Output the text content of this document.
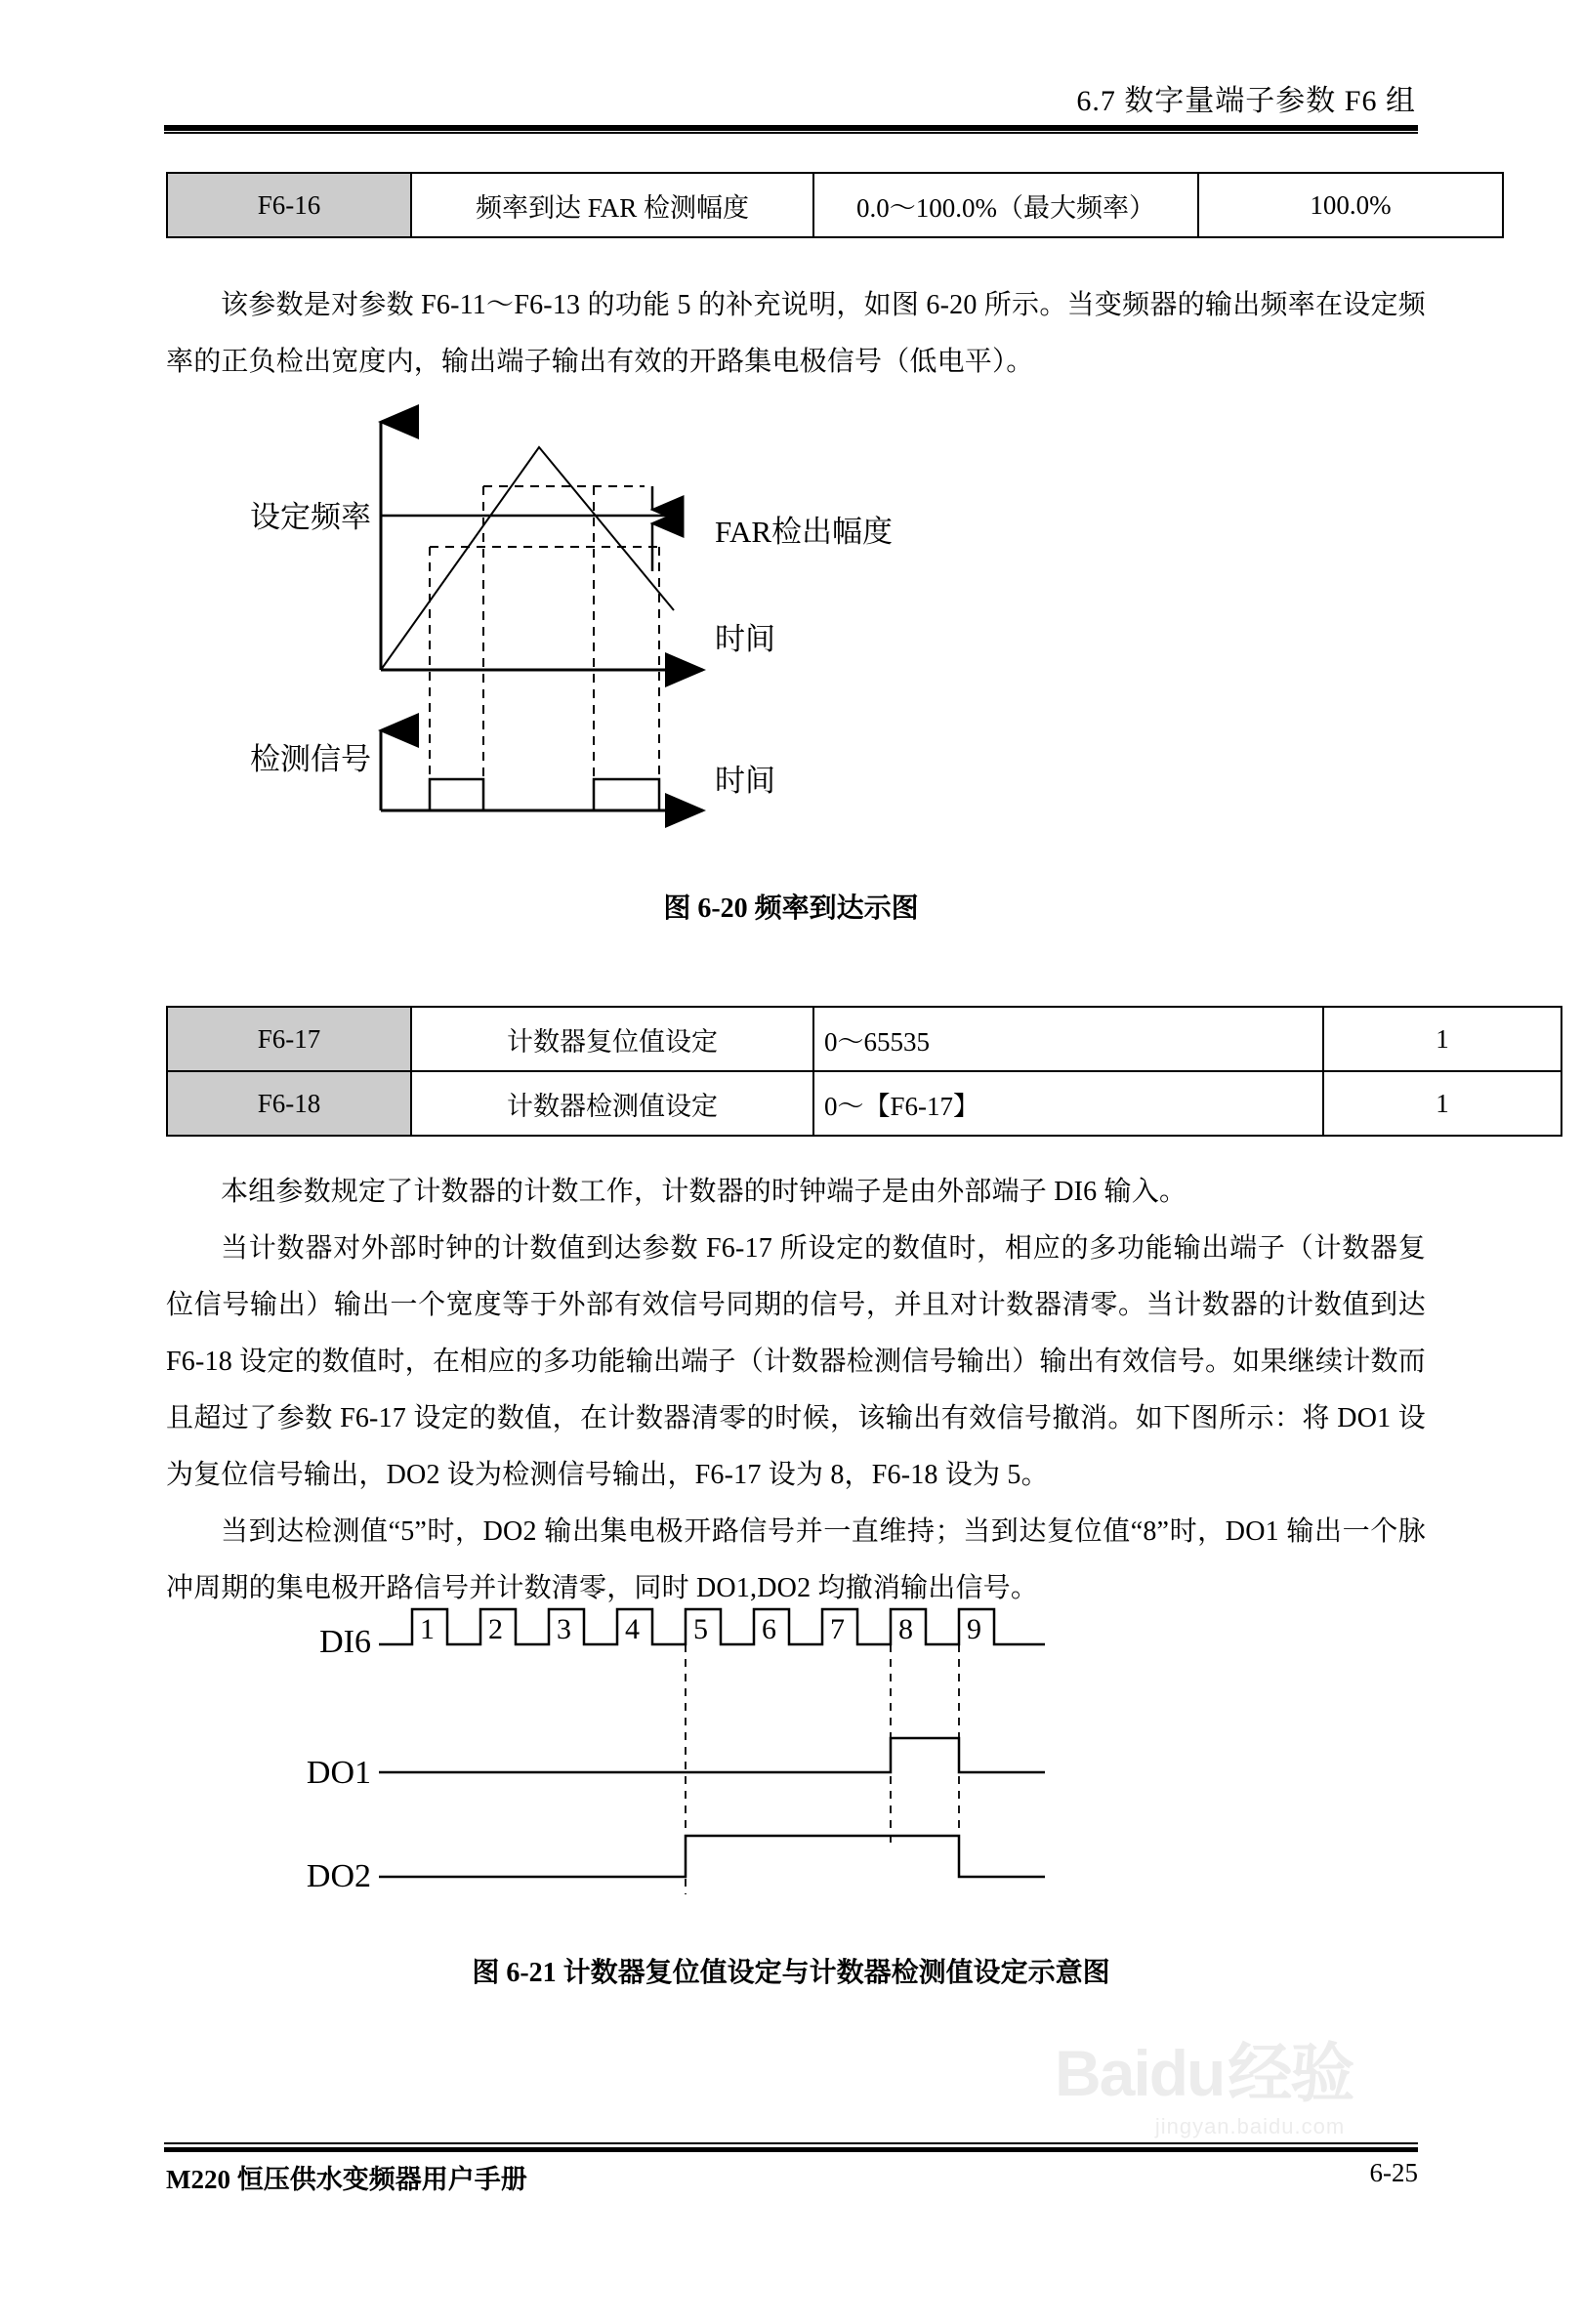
6.7 数字量端子参数 F6 组
F6-16	频率到达 FAR 检测幅度	0.0～100.0%（最大频率）	100.0%

该参数是对参数 F6-11～F6-13 的功能 5 的补充说明，如图 6-20 所示。当变频器的输出频率在设定频率的正负检出宽度内，输出端子输出有效的开路集电极信号（低电平）。

设定频率	FAR检出幅度
时间
检测信号
时间
图 6-20 频率到达示图
F6-17	计数器复位值设定	0～65535	1
F6-18	计数器检测值设定	0～【F6-17】	1

本组参数规定了计数器的计数工作，计数器的时钟端子是由外部端子 DI6 输入。

当计数器对外部时钟的计数值到达参数 F6-17 所设定的数值时，相应的多功能输出端子（计数器复位信号输出）输出一个宽度等于外部有效信号同期的信号，并且对计数器清零。当计数器的计数值到达 F6-18 设定的数值时，在相应的多功能输出端子（计数器检测信号输出）输出有效信号。如果继续计数而且超过了参数 F6-17 设定的数值，在计数器清零的时候，该输出有效信号撤消。如下图所示：将 DO1 设为复位信号输出，DO2 设为检测信号输出，F6-17 设为 8，F6-18 设为 5。

当到达检测值“5”时，DO2 输出集电极开路信号并一直维持；当到达复位值“8”时，DO1 输出一个脉冲周期的集电极开路信号并计数清零，同时 DO1,DO2 均撤消输出信号。

DI6 1 2 3 4 5 6 7 8 9
DO1
DO2
图 6-21 计数器复位值设定与计数器检测值设定示意图
Baidu 经验
jingyan.baidu.com
M220 恒压供水变频器用户手册	6-25
